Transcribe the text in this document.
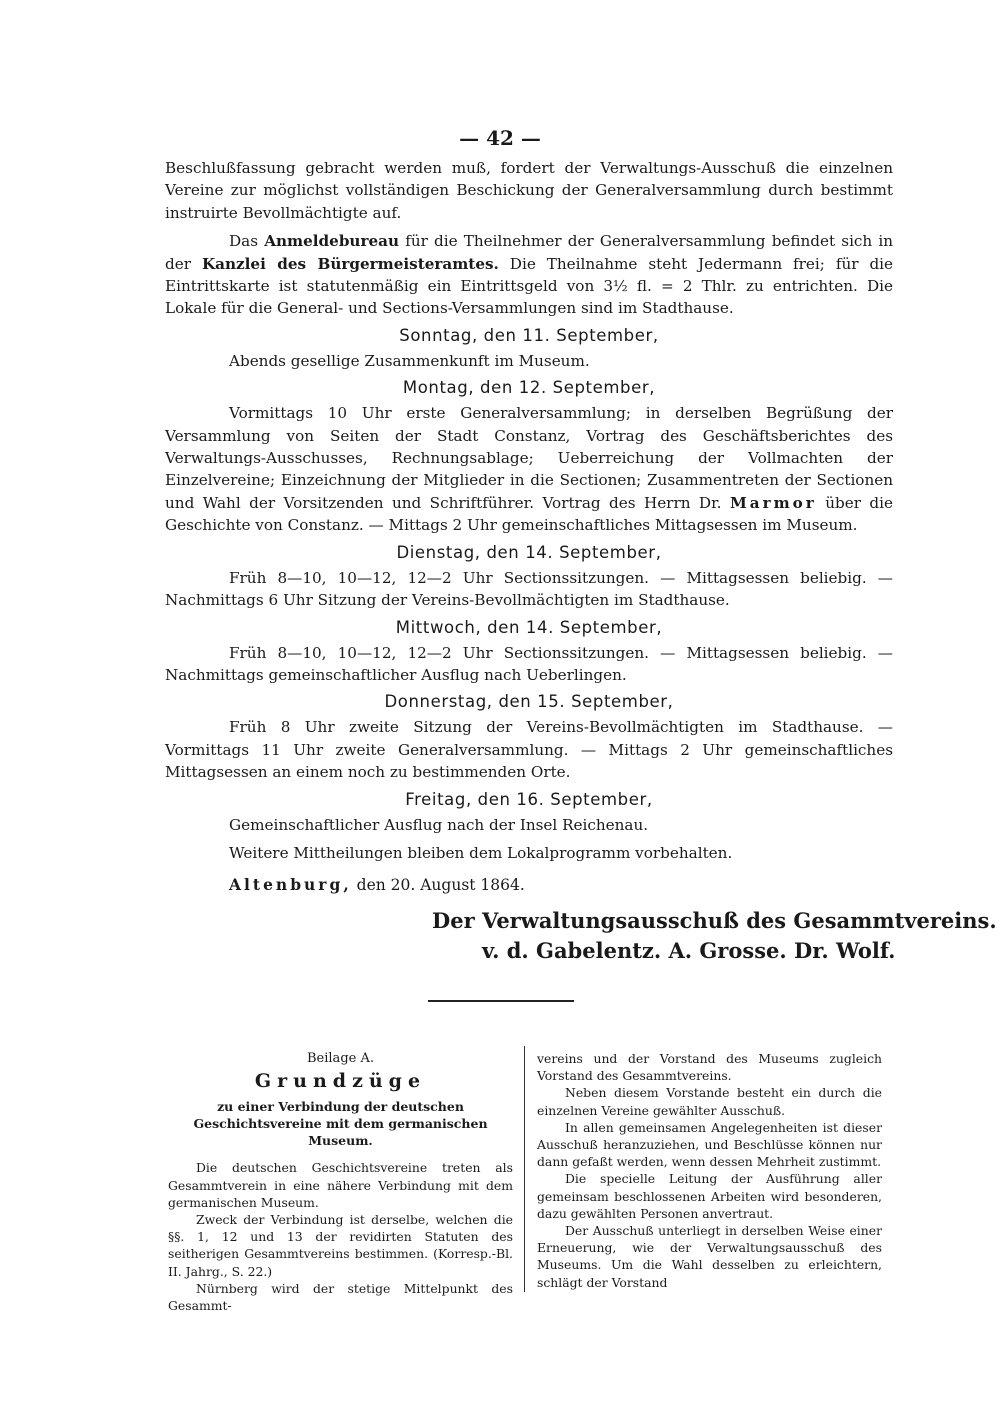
— 42 —

Beschlußfassung gebracht werden muß, fordert der Verwaltungs-Ausschuß die einzelnen Vereine zur möglichst vollständigen Beschickung der Generalversammlung durch bestimmt instruirte Bevollmächtigte auf.

Das Anmeldebureau für die Theilnehmer der Generalversammlung befindet sich in der Kanzlei des Bürgermeisteramtes. Die Theilnahme steht Jedermann frei; für die Eintrittskarte ist statutenmäßig ein Eintrittsgeld von 3½ fl. = 2 Thlr. zu entrichten. Die Lokale für die General- und Sections-Versammlungen sind im Stadthause.

Sonntag, den 11. September,

Abends gesellige Zusammenkunft im Museum.

Montag, den 12. September,

Vormittags 10 Uhr erste Generalversammlung; in derselben Begrüßung der Versammlung von Seiten der Stadt Constanz, Vortrag des Geschäftsberichtes des Verwaltungs-Ausschusses, Rechnungsablage; Ueberreichung der Vollmachten der Einzelvereine; Einzeichnung der Mitglieder in die Sectionen; Zusammentreten der Sectionen und Wahl der Vorsitzenden und Schriftführer. Vortrag des Herrn Dr. Marmor über die Geschichte von Constanz. — Mittags 2 Uhr gemeinschaftliches Mittagsessen im Museum.

Dienstag, den 14. September,

Früh 8—10, 10—12, 12—2 Uhr Sectionssitzungen. — Mittagsessen beliebig. — Nachmittags 6 Uhr Sitzung der Vereins-Bevollmächtigten im Stadthause.

Mittwoch, den 14. September,

Früh 8—10, 10—12, 12—2 Uhr Sectionssitzungen. — Mittagsessen beliebig. — Nachmittags gemeinschaftlicher Ausflug nach Ueberlingen.

Donnerstag, den 15. September,

Früh 8 Uhr zweite Sitzung der Vereins-Bevollmächtigten im Stadthause. — Vormittags 11 Uhr zweite Generalversammlung. — Mittags 2 Uhr gemeinschaftliches Mittagsessen an einem noch zu bestimmenden Orte.

Freitag, den 16. September,

Gemeinschaftlicher Ausflug nach der Insel Reichenau.

Weitere Mittheilungen bleiben dem Lokalprogramm vorbehalten.

Altenburg, den 20. August 1864.

Der Verwaltungsausschuß des Gesammtvereins.
v. d. Gabelentz. A. Grosse. Dr. Wolf.
Beilage A.
Grundzüge
zu einer Verbindung der deutschen Geschichtsvereine mit dem germanischen Museum.

Die deutschen Geschichtsvereine treten als Gesammtverein in eine nähere Verbindung mit dem germanischen Museum.

Zweck der Verbindung ist derselbe, welchen die §§. 1, 12 und 13 der revidirten Statuten des seitherigen Gesammtvereins bestimmen. (Korresp.-Bl. II. Jahrg., S. 22.)

Nürnberg wird der stetige Mittelpunkt des Gesammt-

vereins und der Vorstand des Museums zugleich Vorstand des Gesammtvereins.

Neben diesem Vorstande besteht ein durch die einzelnen Vereine gewählter Ausschuß.

In allen gemeinsamen Angelegenheiten ist dieser Ausschuß heranzuziehen, und Beschlüsse können nur dann gefaßt werden, wenn dessen Mehrheit zustimmt.

Die specielle Leitung der Ausführung aller gemeinsam beschlossenen Arbeiten wird besonderen, dazu gewählten Personen anvertraut.

Der Ausschuß unterliegt in derselben Weise einer Erneuerung, wie der Verwaltungsausschuß des Museums. Um die Wahl desselben zu erleichtern, schlägt der Vorstand
